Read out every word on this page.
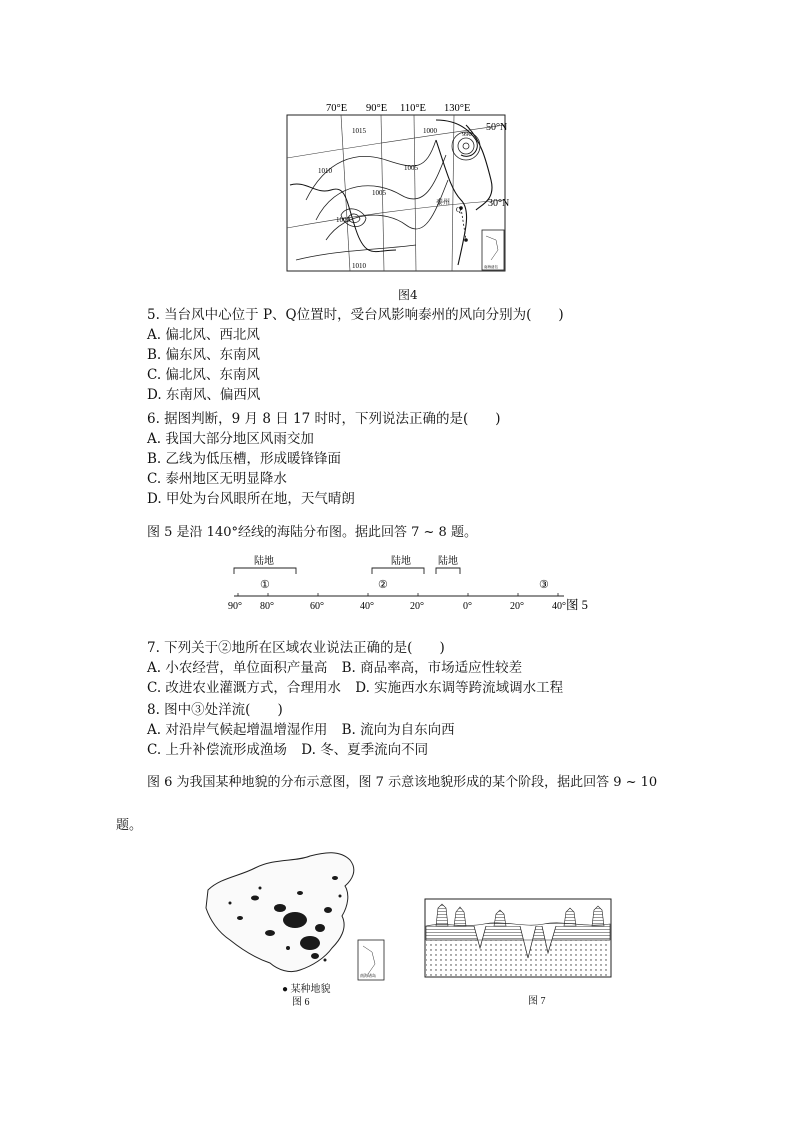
70°E 90°E 110°E 130°E
1015
1010
1005
1000
1005
1000
1010
990
50°N
30°N
泰州
Q
南海诸岛
图4
5. 当台风中心位于 P、Q位置时，受台风影响泰州的风向分别为(　　)
A. 偏北风、西北风
B. 偏东风、东南风
C. 偏北风、东南风
D. 东南风、偏西风
6. 据图判断，9 月 8 日 17 时时，下列说法正确的是(　　)
A. 我国大部分地区风雨交加
B. 乙线为低压槽，形成暖锋锋面
C. 泰州地区无明显降水
D. 甲处为台风眼所在地，天气晴朗
图 5 是沿 140°经线的海陆分布图。据此回答 7 ~ 8 题。
陆地	陆地	陆地
①	②	③
90° 80°	60°	40°	20°	0°	20°	40° 图 5
7. 下列关于②地所在区域农业说法正确的是(　　)
A. 小农经营，单位面积产量高 B. 商品率高，市场适应性较差
C. 改进农业灌溉方式，合理用水 D. 实施西水东调等跨流域调水工程
8. 图中③处洋流(　　)
A. 对沿岸气候起增温增湿作用 B. 流向为自东向西
C. 上升补偿流形成渔场 D. 冬、夏季流向不同
图 6 为我国某种地貌的分布示意图，图 7 示意该地貌形成的某个阶段，据此回答 9 ~ 10
题。
南海诸岛
● 某种地貌
图 6	图 7
